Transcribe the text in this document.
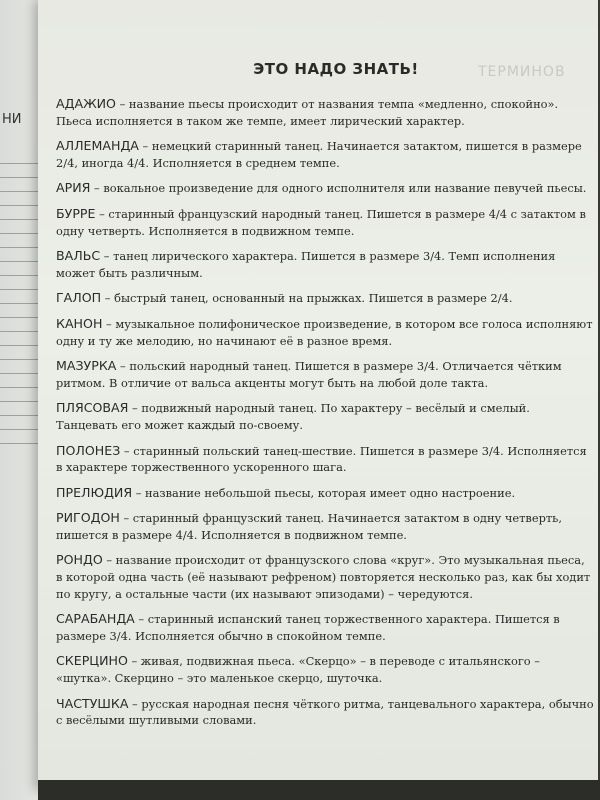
НИ
ТЕРМИНОВ
ЭТО НАДО ЗНАТЬ!

АДАЖИО – название пьесы происходит от названия темпа «медленно, спокойно». Пьеса исполняется в таком же темпе, имеет лирический характер.

АЛЛЕМАНДА – немецкий старинный танец. Начинается затактом, пишется в размере 2/4, иногда 4/4. Исполняется в среднем темпе.

АРИЯ – вокальное произведение для одного исполнителя или название певучей пьесы.

БУРРЕ – старинный французский народный танец. Пишется в размере 4/4 с затактом в одну четверть. Исполняется в подвижном темпе.

ВАЛЬС – танец лирического характера. Пишется в размере 3/4. Темп исполнения может быть различным.

ГАЛОП – быстрый танец, основанный на прыжках. Пишется в размере 2/4.

КАНОН – музыкальное полифоническое произведение, в котором все голоса исполняют одну и ту же мелодию, но начинают её в разное время.

МАЗУРКА – польский народный танец. Пишется в размере 3/4. Отличается чётким ритмом. В отличие от вальса акценты могут быть на любой доле такта.

ПЛЯСОВАЯ – подвижный народный танец. По характеру – весёлый и смелый. Танцевать его может каждый по-своему.

ПОЛОНЕЗ – старинный польский танец-шествие. Пишется в размере 3/4. Исполняется в характере торжественного ускоренного шага.

ПРЕЛЮДИЯ – название небольшой пьесы, которая имеет одно настроение.

РИГОДОН – старинный французский танец. Начинается затактом в одну четверть, пишется в размере 4/4. Исполняется в подвижном темпе.

РОНДО – название происходит от французского слова «круг». Это музыкальная пьеса, в которой одна часть (её называют рефреном) повторяется несколько раз, как бы ходит по кругу, а остальные части (их называют эпизодами) – чередуются.

САРАБАНДА – старинный испанский танец торжественного характера. Пишется в размере 3/4. Исполняется обычно в спокойном темпе.

СКЕРЦИНО – живая, подвижная пьеса. «Скерцо» – в переводе с итальянского – «шутка». Скерцино – это маленькое скерцо, шуточка.

ЧАСТУШКА – русская народная песня чёткого ритма, танцевального характера, обычно с весёлыми шутливыми словами.
